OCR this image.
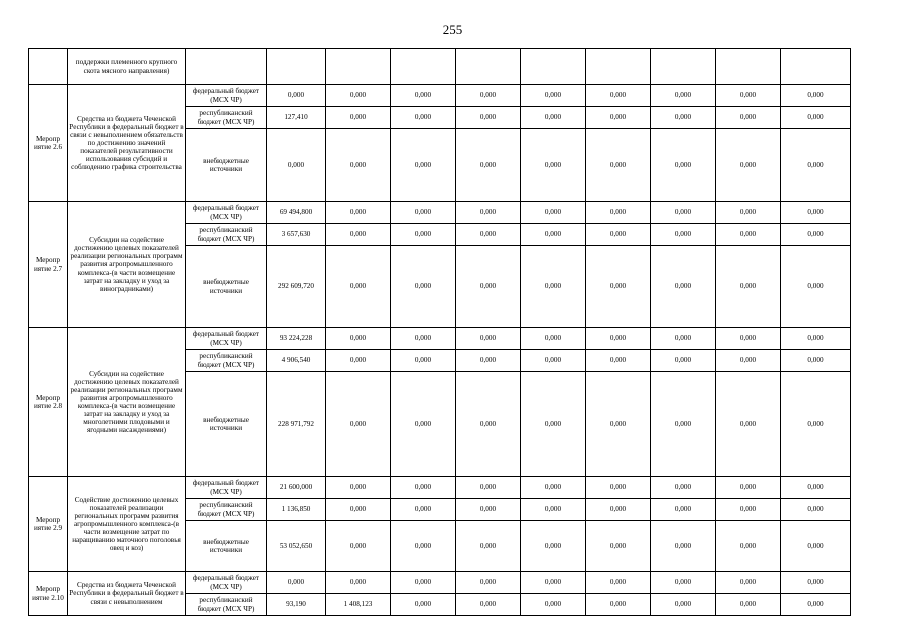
255
	поддержки племенного крупного скота мясного направления)											
Меропр иятие 2.6	Средства из бюджета Чеченской Республики в федеральный бюджет в связи с невыполнением обязательств по достижению значений показателей результативности использования субсидий и соблюдению графика строительства	федеральный бюджет (МСХ ЧР)	0,000	0,000	0,000	0,000	0,000	0,000	0,000	0,000	0,000	
		республиканский бюджет (МСХ ЧР)	127,410	0,000	0,000	0,000	0,000	0,000	0,000	0,000	0,000	
		внебюджетные источники	0,000	0,000	0,000	0,000	0,000	0,000	0,000	0,000	0,000	
Меропр иятие 2.7	Субсидии на содействие достижению целевых показателей реализации региональных программ развития агропромышленного комплекса-(в части возмещение затрат на закладку и уход за виноградниками)	федеральный бюджет (МСХ ЧР)	69 494,800	0,000	0,000	0,000	0,000	0,000	0,000	0,000	0,000	
		республиканский бюджет (МСХ ЧР)	3 657,630	0,000	0,000	0,000	0,000	0,000	0,000	0,000	0,000	
		внебюджетные источники	292 609,720	0,000	0,000	0,000	0,000	0,000	0,000	0,000	0,000	
Меропр иятие 2.8	Субсидии на содействие достижению целевых показателей реализации региональных программ развития агропромышленного комплекса-(в части возмещение затрат на закладку и уход за многолетними плодовыми и ягодными насаждениями)	федеральный бюджет (МСХ ЧР)	93 224,228	0,000	0,000	0,000	0,000	0,000	0,000	0,000	0,000	
		республиканский бюджет (МСХ ЧР)	4 906,540	0,000	0,000	0,000	0,000	0,000	0,000	0,000	0,000	
		внебюджетные источники	228 971,792	0,000	0,000	0,000	0,000	0,000	0,000	0,000	0,000	
Меропр иятие 2.9	Содействие достижению целевых показателей реализации региональных программ развития агропромышленного комплекса-(в части возмещение затрат по наращиванию маточного поголовья овец и коз)	федеральный бюджет (МСХ ЧР)	21 600,000	0,000	0,000	0,000	0,000	0,000	0,000	0,000	0,000	
		республиканский бюджет (МСХ ЧР)	1 136,850	0,000	0,000	0,000	0,000	0,000	0,000	0,000	0,000	
		внебюджетные источники	53 052,650	0,000	0,000	0,000	0,000	0,000	0,000	0,000	0,000	
Меропр иятие 2.10	Средства из бюджета Чеченской Республики в федеральный бюджет в связи с невыполнением	федеральный бюджет (МСХ ЧР)	0,000	0,000	0,000	0,000	0,000	0,000	0,000	0,000	0,000	
		республиканский бюджет (МСХ ЧР)	93,190	1 408,123	0,000	0,000	0,000	0,000	0,000	0,000	0,000	
